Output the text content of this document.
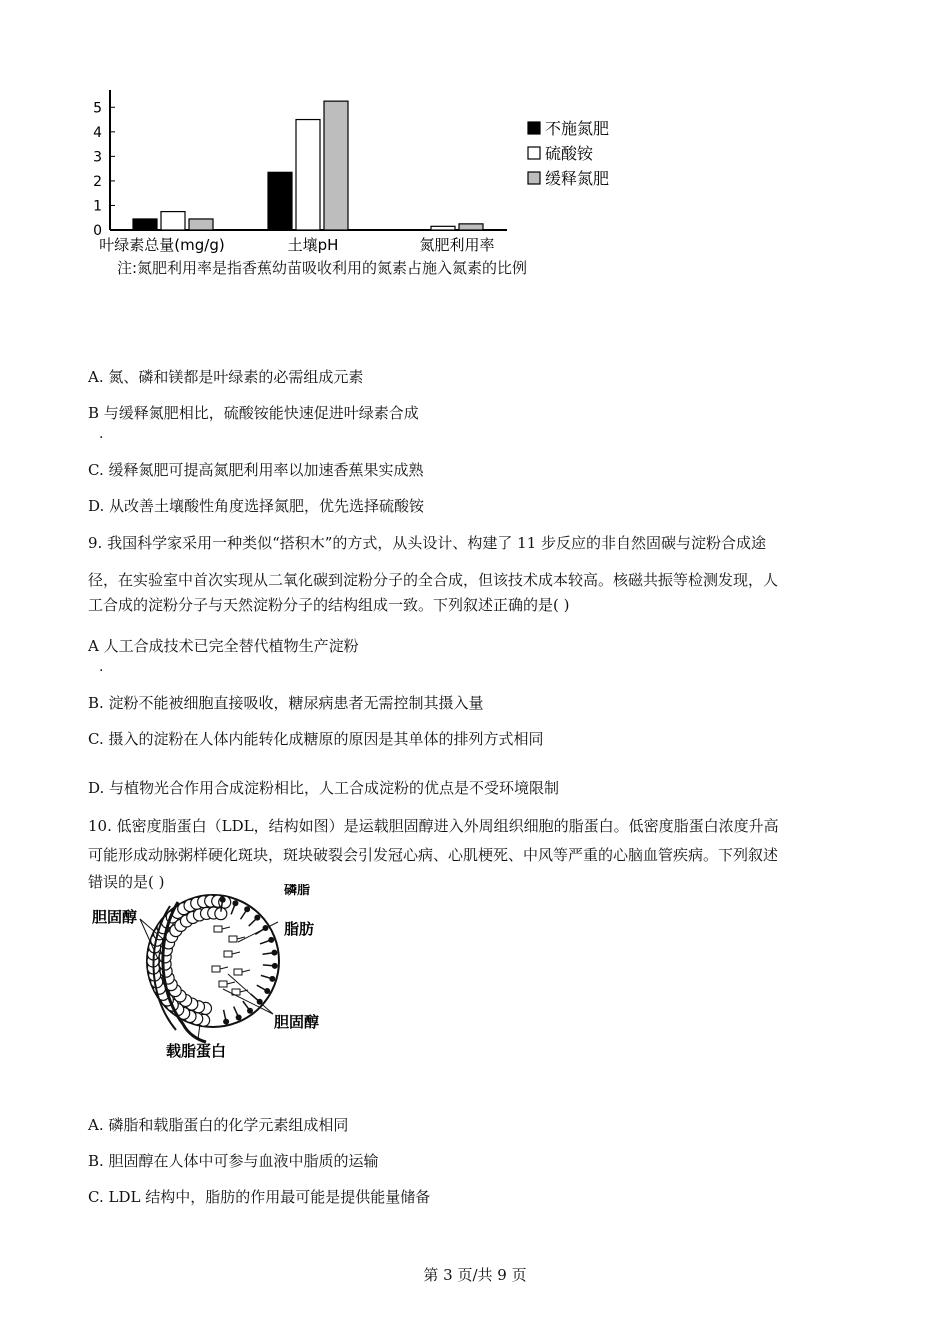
0
1
2
3
4
5
叶绿素总量(mg/g)	土壤pH	氮肥利用率
不施氮肥
硫酸铵
缓释氮肥
注:氮肥利用率是指香蕉幼苗吸收利用的氮素占施入氮素的比例
A. 氮、磷和镁都是叶绿素的必需组成元素
B 与缓释氮肥相比，硫酸铵能快速促进叶绿素合成
.
C. 缓释氮肥可提高氮肥利用率以加速香蕉果实成熟
D. 从改善土壤酸性角度选择氮肥，优先选择硫酸铵
9. 我国科学家采用一种类似“搭积木”的方式，从头设计、构建了 11 步反应的非自然固碳与淀粉合成途
径，在实验室中首次实现从二氧化碳到淀粉分子的全合成，但该技术成本较高。核磁共振等检测发现，人
工合成的淀粉分子与天然淀粉分子的结构组成一致。下列叙述正确的是( )
A 人工合成技术已完全替代植物生产淀粉
.
B. 淀粉不能被细胞直接吸收，糖尿病患者无需控制其摄入量
C. 摄入的淀粉在人体内能转化成糖原的原因是其单体的排列方式相同
D. 与植物光合作用合成淀粉相比，人工合成淀粉的优点是不受环境限制
10. 低密度脂蛋白（LDL，结构如图）是运载胆固醇进入外周组织细胞的脂蛋白。低密度脂蛋白浓度升高
可能形成动脉粥样硬化斑块，斑块破裂会引发冠心病、心肌梗死、中风等严重的心脑血管疾病。下列叙述
错误的是( )
胆固醇
磷脂
脂肪
胆固醇
载脂蛋白
A. 磷脂和载脂蛋白的化学元素组成相同
B. 胆固醇在人体中可参与血液中脂质的运输
C. LDL 结构中，脂肪的作用最可能是提供能量储备
第 3 页/共 9 页
